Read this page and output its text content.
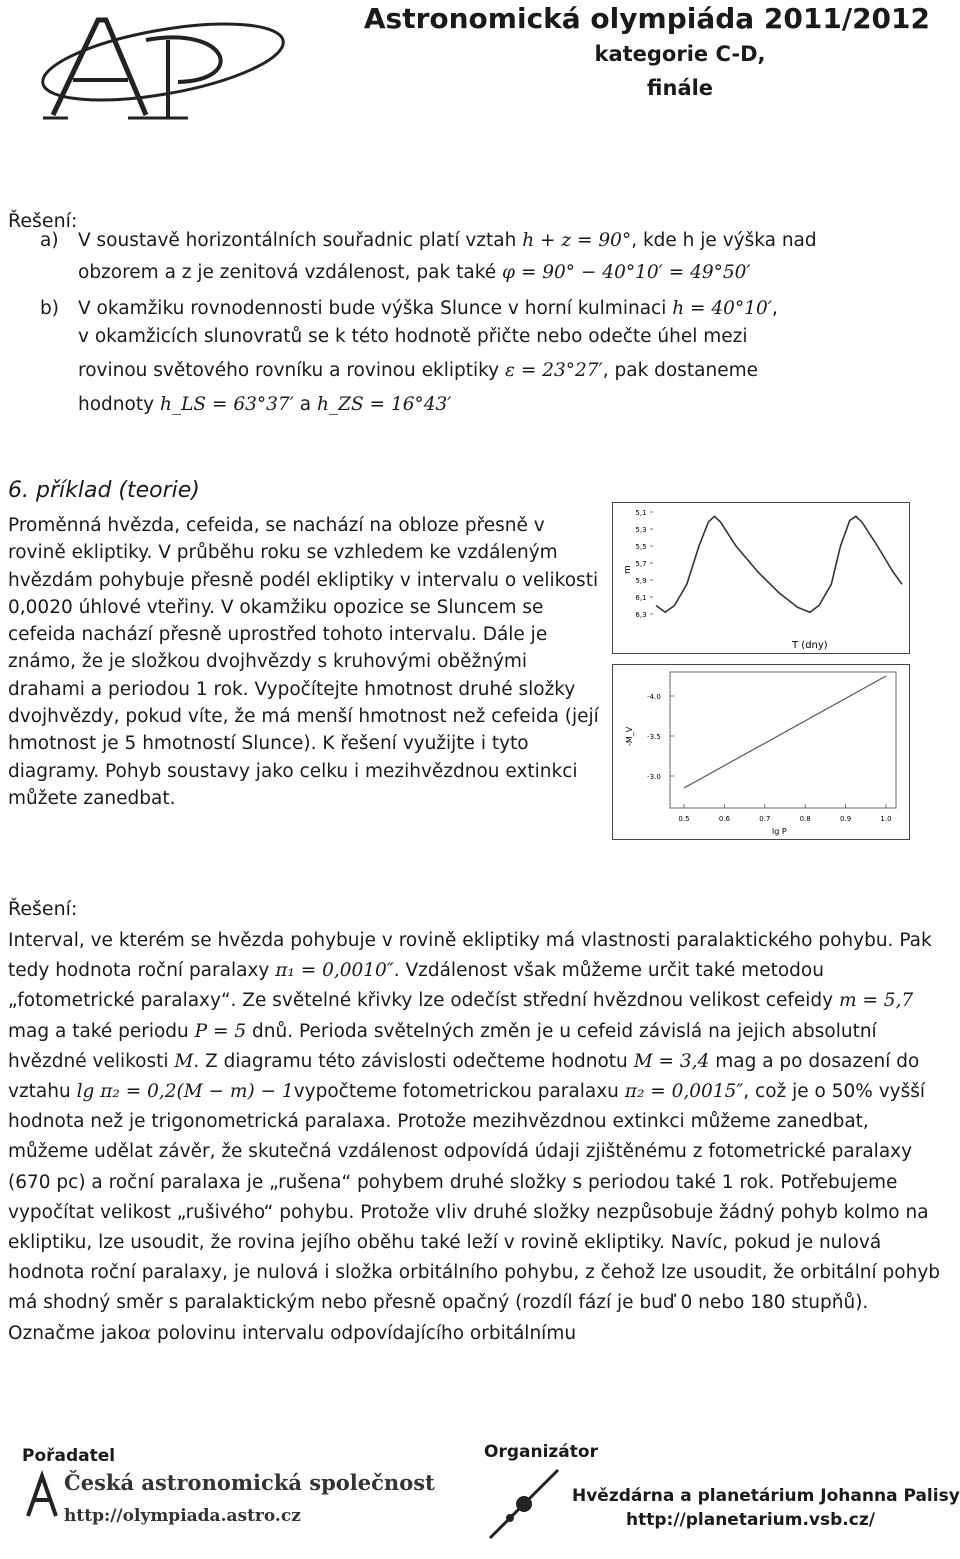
Astronomická olympiáda 2011/2012
kategorie C-D,
finále
Řešení:
a) V soustavě horizontálních souřadnic platí vztah h + z = 90°, kde h je výška nad
obzorem a z je zenitová vzdálenost, pak také φ = 90° − 40°10′ = 49°50′
b) V okamžiku rovnodennosti bude výška Slunce v horní kulminaci h = 40°10′,
v okamžicích slunovratů se k této hodnotě přičte nebo odečte úhel mezi
rovinou světového rovníku a rovinou ekliptiky ε = 23°27′, pak dostaneme
hodnoty h_LS = 63°37′ a h_ZS = 16°43′
6. příklad (teorie)
Proměnná hvězda, cefeida, se nachází na obloze přesně v rovině ekliptiky. V průběhu roku se vzhledem ke vzdáleným hvězdám pohybuje přesně podél ekliptiky v intervalu o velikosti 0,0020 úhlové vteřiny. V okamžiku opozice se Sluncem se cefeida nachází přesně uprostřed tohoto intervalu. Dále je známo, že je složkou dvojhvězdy s kruhovými oběžnými drahami a periodou 1 rok. Vypočítejte hmotnost druhé složky dvojhvězdy, pokud víte, že má menší hmotnost než cefeida (její hmotnost je 5 hmotností Slunce). K řešení využijte i tyto diagramy. Pohyb soustavy jako celku i mezihvězdnou extinkci můžete zanedbat.
5,1
5,3
5,5
5,7
5,9
6,1
6,3
m
T (dny)
-4.0
-3.5
-3.0
0.5	0.6	0.7	0.8	0.9	1.0
-M_V
lg P
Řešení:
Interval, ve kterém se hvězda pohybuje v rovině ekliptiky má vlastnosti paralaktického pohybu. Pak tedy hodnota roční paralaxy π₁ = 0,0010″. Vzdálenost však můžeme určit také metodou „fotometrické paralaxy“. Ze světelné křivky lze odečíst střední hvězdnou velikost cefeidy m = 5,7 mag a také periodu P = 5 dnů. Perioda světelných změn je u cefeid závislá na jejich absolutní hvězdné velikosti M. Z diagramu této závislosti odečteme hodnotu M = 3,4 mag a po dosazení do vztahu lg π₂ = 0,2(M − m) − 1vypočteme fotometrickou paralaxu π₂ = 0,0015″, což je o 50% vyšší hodnota než je trigonometrická paralaxa. Protože mezihvězdnou extinkci můžeme zanedbat, můžeme udělat závěr, že skutečná vzdálenost odpovídá údaji zjištěnému z fotometrické paralaxy (670 pc) a roční paralaxa je „rušena“ pohybem druhé složky s periodou také 1 rok. Potřebujeme vypočítat velikost „rušivého“ pohybu. Protože vliv druhé složky nezpůsobuje žádný pohyb kolmo na ekliptiku, lze usoudit, že rovina jejího oběhu také leží v rovině ekliptiky. Navíc, pokud je nulová hodnota roční paralaxy, je nulová i složka orbitálního pohybu, z čehož lze usoudit, že orbitální pohyb má shodný směr s paralaktickým nebo přesně opačný (rozdíl fází je buď 0 nebo 180 stupňů). Označme jakoα polovinu intervalu odpovídajícího orbitálnímu
Pořadatel
Česká astronomická společnost
http://olympiada.astro.cz
Organizátor
Hvězdárna a planetárium Johanna Palisy
http://planetarium.vsb.cz/
